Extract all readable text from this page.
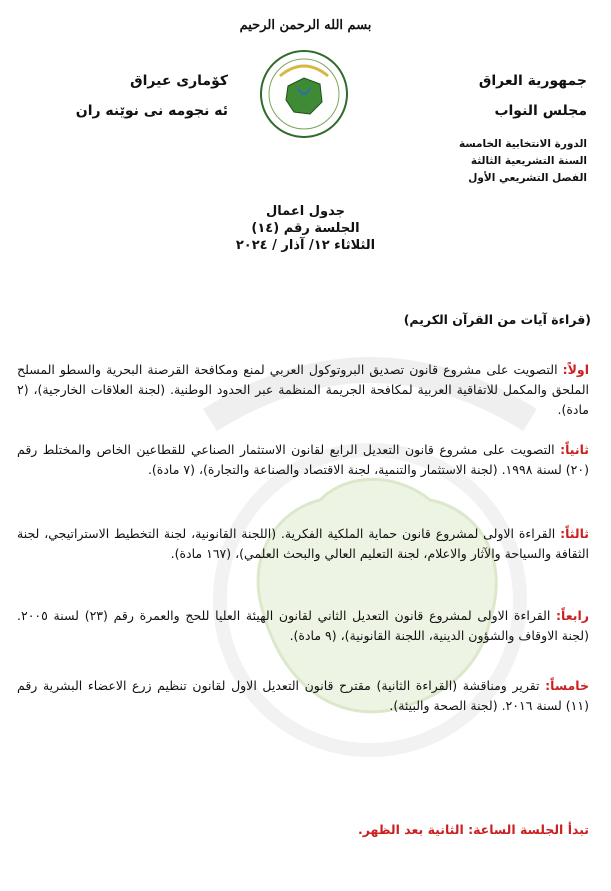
بسم الله الرحمن الرحيم
جمهورية العراق
مجلس النواب
كۆمارى عيراق
ئه نجومه نى نوێنه ران
الدورة الانتخابية الخامسة
السنة التشريعية الثالثة
الفصل التشريعي الأول
جدول اعمال
الجلسة رقم (١٤)
الثلاثاء ١٢/ آذار / ٢٠٢٤
(قراءة آيات من القرآن الكريم)
اولاً: التصويت على مشروع قانون تصديق البروتوكول العربي لمنع ومكافحة القرصنة البحرية والسطو المسلح الملحق والمكمل للاتفاقية العربية لمكافحة الجريمة المنظمة عبر الحدود الوطنية. (لجنة العلاقات الخارجية)، (٢ مادة).
ثانياً: التصويت على مشروع قانون التعديل الرابع لقانون الاستثمار الصناعي للقطاعين الخاص والمختلط رقم (٢٠) لسنة ١٩٩٨. (لجنة الاستثمار والتنمية، لجنة الاقتصاد والصناعة والتجارة)، (٧ مادة).
ثالثاً: القراءة الاولى لمشروع قانون حماية الملكية الفكرية. (اللجنة القانونية، لجنة التخطيط الاستراتيجي، لجنة الثقافة والسياحة والآثار والاعلام، لجنة التعليم العالي والبحث العلمي)، (١٦٧ مادة).
رابعاً: القراءة الاولى لمشروع قانون التعديل الثاني لقانون الهيئة العليا للحج والعمرة رقم (٢٣) لسنة ٢٠٠٥. (لجنة الاوقاف والشؤون الدينية، اللجنة القانونية)، (٩ مادة).
خامساً: تقرير ومناقشة (القراءة الثانية) مقترح قانون التعديل الاول لقانون تنظيم زرع الاعضاء البشرية رقم (١١) لسنة ٢٠١٦. (لجنة الصحة والبيئة).
تبدأ الجلسة الساعة: الثانية بعد الظهر.
